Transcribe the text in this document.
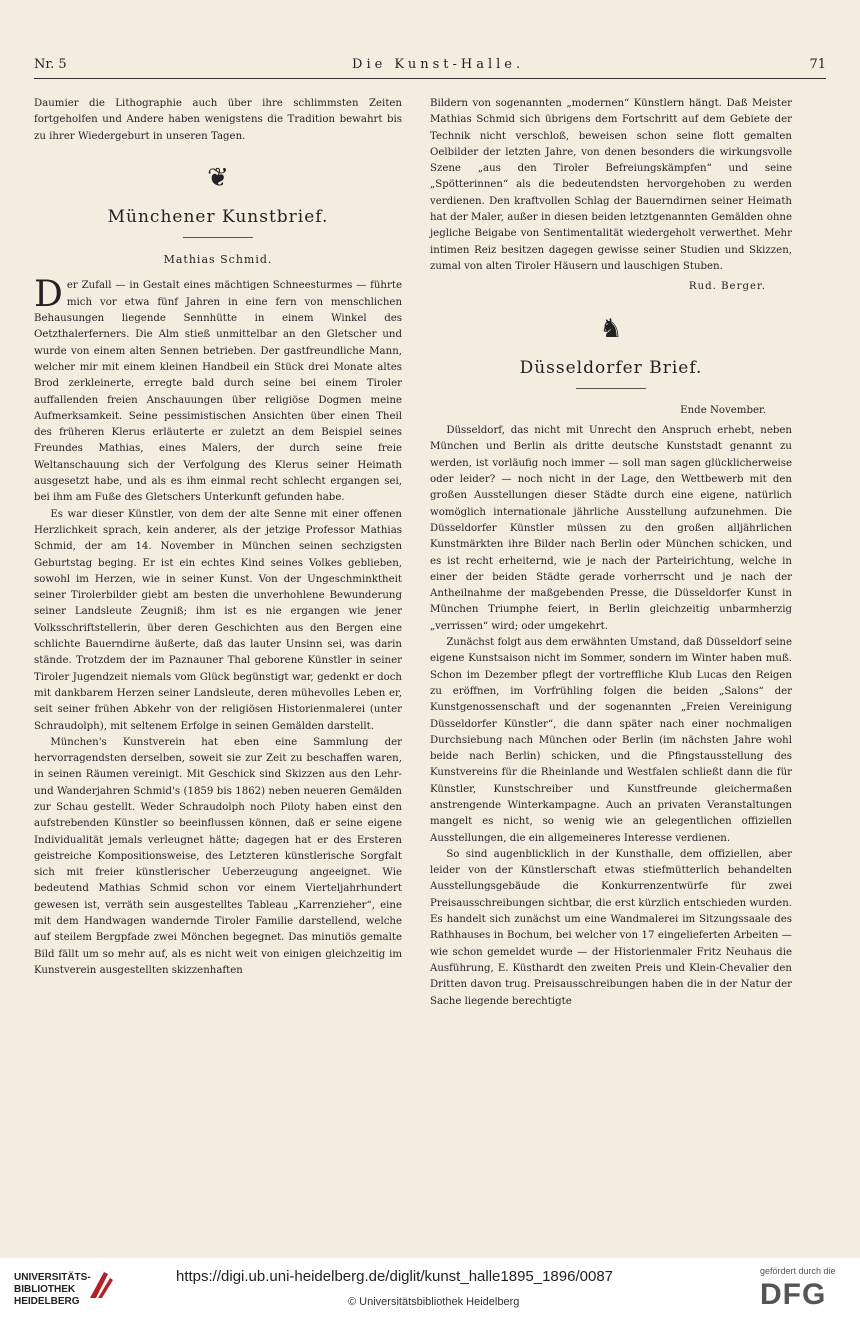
Nr. 5	Die Kunst-Halle.	71

Daumier die Lithographie auch über ihre schlimmsten Zeiten fortgeholfen und Andere haben wenigstens die Tradition bewahrt bis zu ihrer Wiedergeburt in unseren Tagen.

❦
Münchener Kunstbrief.
Mathias Schmid.

Der Zufall — in Gestalt eines mächtigen Schneesturmes — führte mich vor etwa fünf Jahren in eine fern von menschlichen Behausungen liegende Sennhütte in einem Winkel des Oetzthalerferners. Die Alm stieß unmittelbar an den Gletscher und wurde von einem alten Sennen betrieben. Der gastfreundliche Mann, welcher mir mit einem kleinen Handbeil ein Stück drei Monate altes Brod zerkleinerte, erregte bald durch seine bei einem Tiroler auffallenden freien Anschauungen über religiöse Dogmen meine Aufmerksamkeit. Seine pessimistischen Ansichten über einen Theil des früheren Klerus erläuterte er zuletzt an dem Beispiel seines Freundes Mathias, eines Malers, der durch seine freie Weltanschauung sich der Verfolgung des Klerus seiner Heimath ausgesetzt habe, und als es ihm einmal recht schlecht ergangen sei, bei ihm am Fuße des Gletschers Unterkunft gefunden habe.

Es war dieser Künstler, von dem der alte Senne mit einer offenen Herzlichkeit sprach, kein anderer, als der jetzige Professor Mathias Schmid, der am 14. November in München seinen sechzigsten Geburtstag beging. Er ist ein echtes Kind seines Volkes geblieben, sowohl im Herzen, wie in seiner Kunst. Von der Ungeschminktheit seiner Tirolerbilder giebt am besten die unverhohlene Bewunderung seiner Landsleute Zeugniß; ihm ist es nie ergangen wie jener Volksschriftstellerin, über deren Geschichten aus den Bergen eine schlichte Bauerndirne äußerte, daß das lauter Unsinn sei, was darin stände. Trotzdem der im Paznauner Thal geborene Künstler in seiner Tiroler Jugendzeit niemals vom Glück begünstigt war, gedenkt er doch mit dankbarem Herzen seiner Landsleute, deren mühevolles Leben er, seit seiner frühen Abkehr von der religiösen Historienmalerei (unter Schraudolph), mit seltenem Erfolge in seinen Gemälden darstellt.

München's Kunstverein hat eben eine Sammlung der hervorragendsten derselben, soweit sie zur Zeit zu beschaffen waren, in seinen Räumen vereinigt. Mit Geschick sind Skizzen aus den Lehr- und Wanderjahren Schmid's (1859 bis 1862) neben neueren Gemälden zur Schau gestellt. Weder Schraudolph noch Piloty haben einst den aufstrebenden Künstler so beeinflussen können, daß er seine eigene Individualität jemals verleugnet hätte; dagegen hat er des Ersteren geistreiche Kompositionsweise, des Letzteren künstlerische Sorgfalt sich mit freier künstlerischer Ueberzeugung angeeignet. Wie bedeutend Mathias Schmid schon vor einem Vierteljahrhundert gewesen ist, verräth sein ausgestelltes Tableau „Karrenzieher“, eine mit dem Handwagen wandernde Tiroler Familie darstellend, welche auf steilem Bergpfade zwei Mönchen begegnet. Das minutiös gemalte Bild fällt um so mehr auf, als es nicht weit von einigen gleichzeitig im Kunstverein ausgestellten skizzenhaften

Bildern von sogenannten „modernen“ Künstlern hängt. Daß Meister Mathias Schmid sich übrigens dem Fortschritt auf dem Gebiete der Technik nicht verschloß, beweisen schon seine flott gemalten Oelbilder der letzten Jahre, von denen besonders die wirkungsvolle Szene „aus den Tiroler Befreiungskämpfen“ und seine „Spötterinnen“ als die bedeutendsten hervorgehoben zu werden verdienen. Den kraftvollen Schlag der Bauerndirnen seiner Heimath hat der Maler, außer in diesen beiden letztgenannten Gemälden ohne jegliche Beigabe von Sentimentalität wiedergeholt verwerthet. Mehr intimen Reiz besitzen dagegen gewisse seiner Studien und Skizzen, zumal von alten Tiroler Häusern und lauschigen Stuben.

Rud. Berger.
♞
Düsseldorfer Brief.
Ende November.

Düsseldorf, das nicht mit Unrecht den Anspruch erhebt, neben München und Berlin als dritte deutsche Kunststadt genannt zu werden, ist vorläufig noch immer — soll man sagen glücklicherweise oder leider? — noch nicht in der Lage, den Wettbewerb mit den großen Ausstellungen dieser Städte durch eine eigene, natürlich womöglich internationale jährliche Ausstellung aufzunehmen. Die Düsseldorfer Künstler müssen zu den großen alljährlichen Kunstmärkten ihre Bilder nach Berlin oder München schicken, und es ist recht erheiternd, wie je nach der Parteirichtung, welche in einer der beiden Städte gerade vorherrscht und je nach der Antheilnahme der maßgebenden Presse, die Düsseldorfer Kunst in München Triumphe feiert, in Berlin gleichzeitig unbarmherzig „verrissen“ wird; oder umgekehrt.

Zunächst folgt aus dem erwähnten Umstand, daß Düsseldorf seine eigene Kunstsaison nicht im Sommer, sondern im Winter haben muß. Schon im Dezember pflegt der vortreffliche Klub Lucas den Reigen zu eröffnen, im Vorfrühling folgen die beiden „Salons“ der Kunstgenossenschaft und der sogenannten „Freien Vereinigung Düsseldorfer Künstler“, die dann später nach einer nochmaligen Durchsiebung nach München oder Berlin (im nächsten Jahre wohl beide nach Berlin) schicken, und die Pfingstausstellung des Kunstvereins für die Rheinlande und Westfalen schließt dann die für Künstler, Kunstschreiber und Kunstfreunde gleichermaßen anstrengende Winterkampagne. Auch an privaten Veranstaltungen mangelt es nicht, so wenig wie an gelegentlichen offiziellen Ausstellungen, die ein allgemeineres Interesse verdienen.

So sind augenblicklich in der Kunsthalle, dem offiziellen, aber leider von der Künstlerschaft etwas stiefmütterlich behandelten Ausstellungsgebäude die Konkurrenzentwürfe für zwei Preisausschreibungen sichtbar, die erst kürzlich entschieden wurden. Es handelt sich zunächst um eine Wandmalerei im Sitzungssaale des Rathhauses in Bochum, bei welcher von 17 eingelieferten Arbeiten — wie schon gemeldet wurde — der Historienmaler Fritz Neuhaus die Ausführung, E. Küsthardt den zweiten Preis und Klein-Chevalier den Dritten davon trug. Preisausschreibungen haben die in der Natur der Sache liegende berechtigte

UNIVERSITÄTS-
BIBLIOTHEK
HEIDELBERG
https://digi.ub.uni-heidelberg.de/diglit/kunst_halle1895_1896/0087
© Universitätsbibliothek Heidelberg
gefördert durch die
DFG
